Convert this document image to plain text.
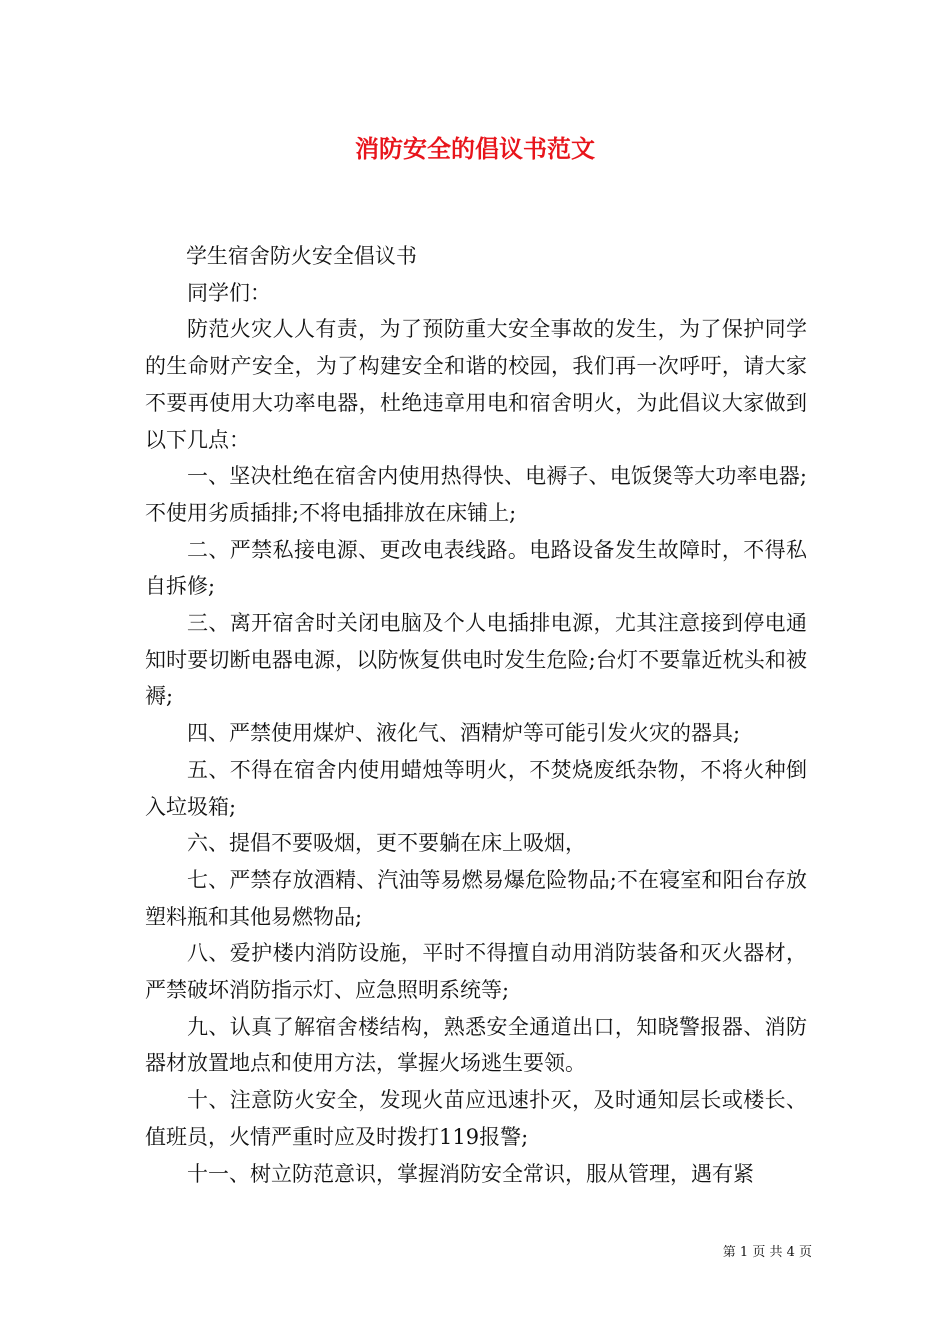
消防安全的倡议书范文

学生宿舍防火安全倡议书

同学们：

防范火灾人人有责，为了预防重大安全事故的发生，为了保护同学的生命财产安全，为了构建安全和谐的校园，我们再一次呼吁，请大家不要再使用大功率电器，杜绝违章用电和宿舍明火，为此倡议大家做到以下几点：

一、坚决杜绝在宿舍内使用热得快、电褥子、电饭煲等大功率电器;不使用劣质插排;不将电插排放在床铺上;

二、严禁私接电源、更改电表线路。电路设备发生故障时，不得私自拆修;

三、离开宿舍时关闭电脑及个人电插排电源，尤其注意接到停电通知时要切断电器电源，以防恢复供电时发生危险;台灯不要靠近枕头和被褥;

四、严禁使用煤炉、液化气、酒精炉等可能引发火灾的器具;

五、不得在宿舍内使用蜡烛等明火，不焚烧废纸杂物，不将火种倒入垃圾箱;

六、提倡不要吸烟，更不要躺在床上吸烟，

七、严禁存放酒精、汽油等易燃易爆危险物品;不在寝室和阳台存放塑料瓶和其他易燃物品;

八、爱护楼内消防设施，平时不得擅自动用消防装备和灭火器材，严禁破坏消防指示灯、应急照明系统等;

九、认真了解宿舍楼结构，熟悉安全通道出口，知晓警报器、消防器材放置地点和使用方法，掌握火场逃生要领。

十、注意防火安全，发现火苗应迅速扑灭，及时通知层长或楼长、值班员，火情严重时应及时拨打119报警;

十一、树立防范意识，掌握消防安全常识，服从管理，遇有紧

第 1 页 共 4 页
